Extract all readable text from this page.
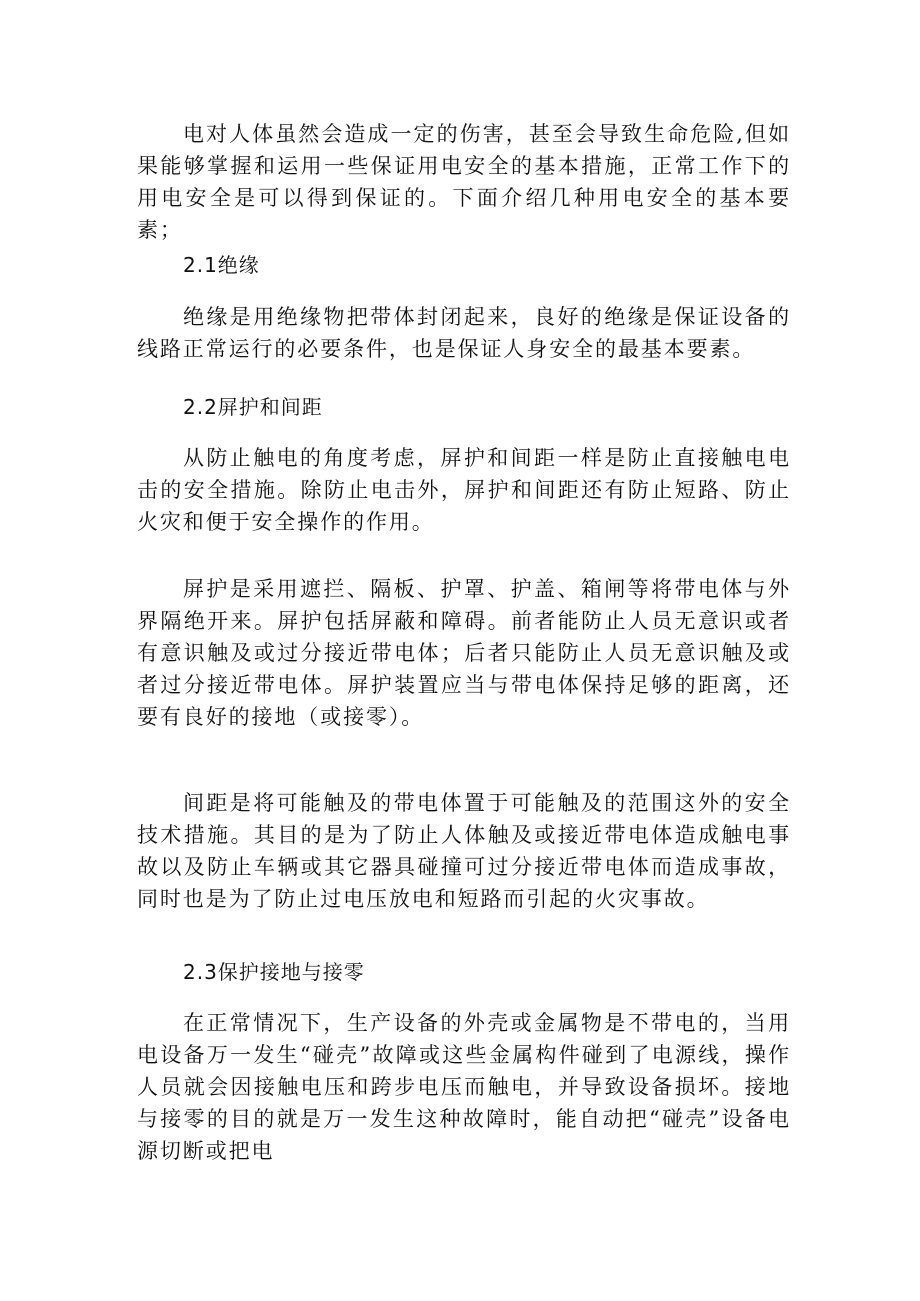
电对人体虽然会造成一定的伤害，甚至会导致生命危险,但如果能够掌握和运用一些保证用电安全的基本措施，正常工作下的用电安全是可以得到保证的。下面介绍几种用电安全的基本要素；

2.1绝缘

绝缘是用绝缘物把带体封闭起来，良好的绝缘是保证设备的线路正常运行的必要条件，也是保证人身安全的最基本要素。

2.2屏护和间距

从防止触电的角度考虑，屏护和间距一样是防止直接触电电击的安全措施。除防止电击外，屏护和间距还有防止短路、防止火灾和便于安全操作的作用。

屏护是采用遮拦、隔板、护罩、护盖、箱闸等将带电体与外界隔绝开来。屏护包括屏蔽和障碍。前者能防止人员无意识或者有意识触及或过分接近带电体；后者只能防止人员无意识触及或者过分接近带电体。屏护装置应当与带电体保持足够的距离，还要有良好的接地（或接零）。

间距是将可能触及的带电体置于可能触及的范围这外的安全技术措施。其目的是为了防止人体触及或接近带电体造成触电事故以及防止车辆或其它器具碰撞可过分接近带电体而造成事故，同时也是为了防止过电压放电和短路而引起的火灾事故。

2.3保护接地与接零

在正常情况下，生产设备的外壳或金属物是不带电的，当用电设备万一发生“碰壳”故障或这些金属构件碰到了电源线，操作人员就会因接触电压和跨步电压而触电，并导致设备损坏。接地与接零的目的就是万一发生这种故障时，能自动把“碰壳”设备电源切断或把电
